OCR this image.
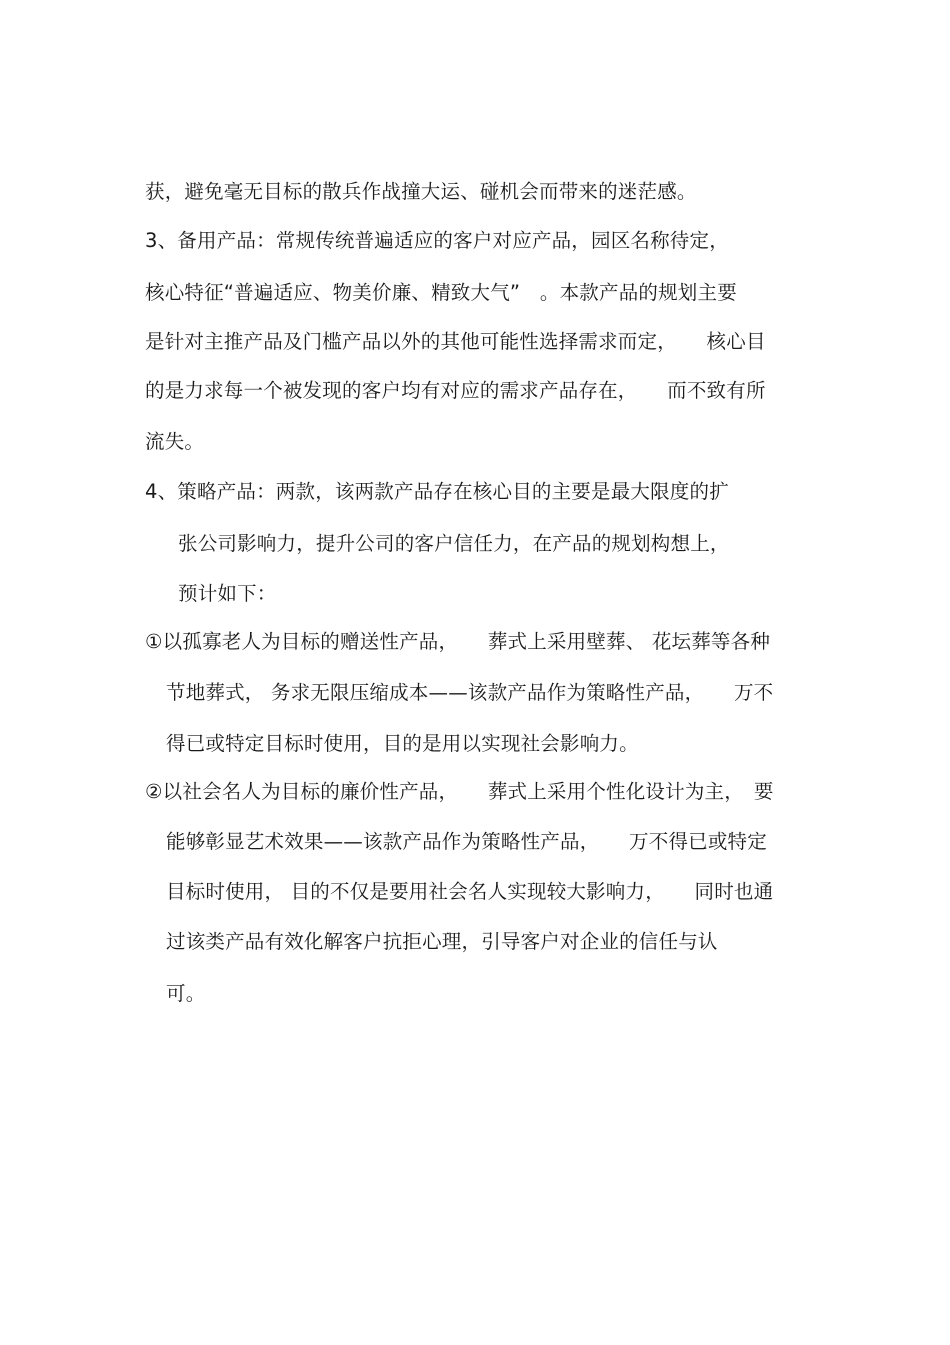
获，避免毫无目标的散兵作战撞大运、碰机会而带来的迷茫感。
3、备用产品：常规传统普遍适应的客户对应产品，园区名称待定，
核心特征“普遍适应、物美价廉、精致大气”　。本款产品的规划主要
是针对主推产品及门槛产品以外的其他可能性选择需求而定，　　核心目
的是力求每一个被发现的客户均有对应的需求产品存在，　　而不致有所
流失。
4、策略产品：两款，该两款产品存在核心目的主要是最大限度的扩
张公司影响力，提升公司的客户信任力，在产品的规划构想上，
预计如下：
①以孤寡老人为目标的赠送性产品，　　葬式上采用壁葬、 花坛葬等各种
节地葬式， 务求无限压缩成本——该款产品作为策略性产品，　　万不
得已或特定目标时使用，目的是用以实现社会影响力。
②以社会名人为目标的廉价性产品，　　葬式上采用个性化设计为主，　要
能够彰显艺术效果——该款产品作为策略性产品，　　万不得已或特定
目标时使用， 目的不仅是要用社会名人实现较大影响力，　　同时也通
过该类产品有效化解客户抗拒心理，引导客户对企业的信任与认
可。
